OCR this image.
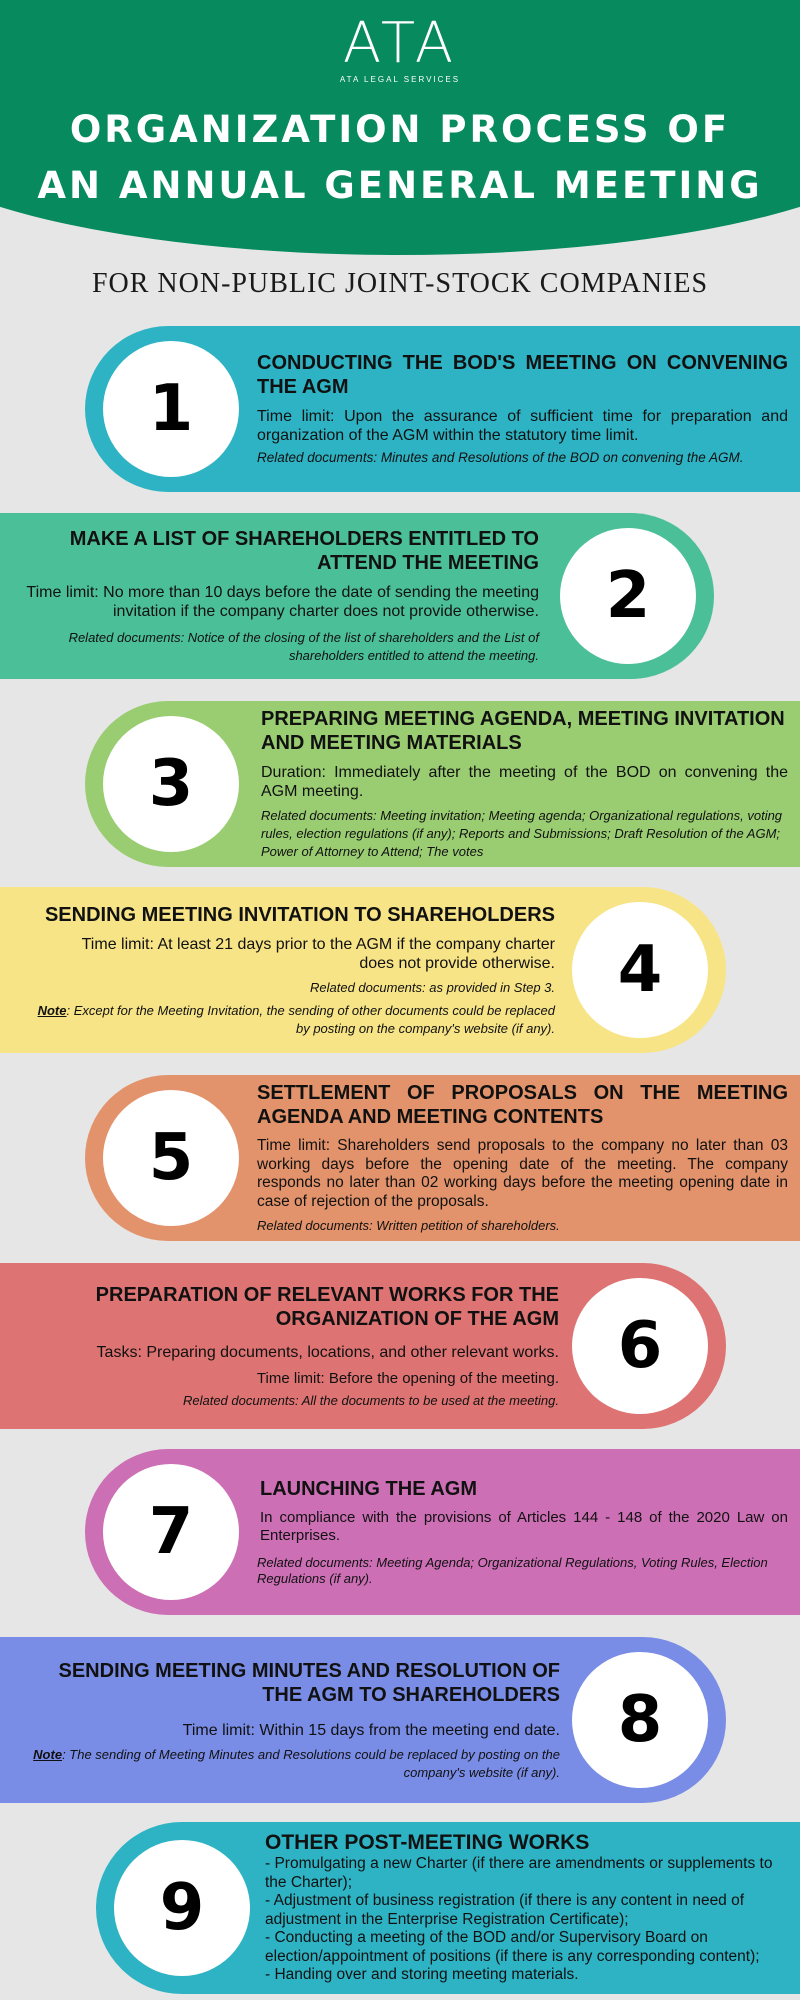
ATA
ATA LEGAL SERVICES
ORGANIZATION PROCESS OF
AN ANNUAL GENERAL MEETING
FOR NON-PUBLIC JOINT-STOCK COMPANIES
1
CONDUCTING THE BOD'S MEETING ON CONVENING THE AGM
Time limit: Upon the assurance of sufficient time for preparation and organization of the AGM within the statutory time limit.
Related documents: Minutes and Resolutions of the BOD on convening the AGM.
2
MAKE A LIST OF SHAREHOLDERS ENTITLED TO ATTEND THE MEETING
Time limit: No more than 10 days before the date of sending the meeting invitation if the company charter does not provide otherwise.
Related documents: Notice of the closing of the list of shareholders and the List of shareholders entitled to attend the meeting.
3
PREPARING MEETING AGENDA, MEETING INVITATION AND MEETING MATERIALS
Duration: Immediately after the meeting of the BOD on convening the AGM meeting.
Related documents: Meeting invitation; Meeting agenda; Organizational regulations, voting rules, election regulations (if any); Reports and Submissions; Draft Resolution of the AGM; Power of Attorney to Attend; The votes
4
SENDING MEETING INVITATION TO SHAREHOLDERS
Time limit: At least 21 days prior to the AGM if the company charter does not provide otherwise.
Related documents: as provided in Step 3.
Note: Except for the Meeting Invitation, the sending of other documents could be replaced by posting on the company's website (if any).
5
SETTLEMENT OF PROPOSALS ON THE MEETING AGENDA AND MEETING CONTENTS
Time limit: Shareholders send proposals to the company no later than 03 working days before the opening date of the meeting. The company responds no later than 02 working days before the meeting opening date in case of rejection of the proposals.
Related documents: Written petition of shareholders.
6
PREPARATION OF RELEVANT WORKS FOR THE ORGANIZATION OF THE AGM
Tasks: Preparing documents, locations, and other relevant works.
Time limit: Before the opening of the meeting.
Related documents: All the documents to be used at the meeting.
7
LAUNCHING THE AGM
In compliance with the provisions of Articles 144 - 148 of the 2020 Law on Enterprises.
Related documents: Meeting Agenda; Organizational Regulations, Voting Rules, Election Regulations (if any).
8
SENDING MEETING MINUTES AND RESOLUTION OF THE AGM TO SHAREHOLDERS
Time limit: Within 15 days from the meeting end date.
Note: The sending of Meeting Minutes and Resolutions could be replaced by posting on the company's website (if any).
9
OTHER POST-MEETING WORKS
- Promulgating a new Charter (if there are amendments or supplements to the Charter);
- Adjustment of business registration (if there is any content in need of adjustment in the Enterprise Registration Certificate);
- Conducting a meeting of the BOD and/or Supervisory Board on election/appointment of positions (if there is any corresponding content);
- Handing over and storing meeting materials.
